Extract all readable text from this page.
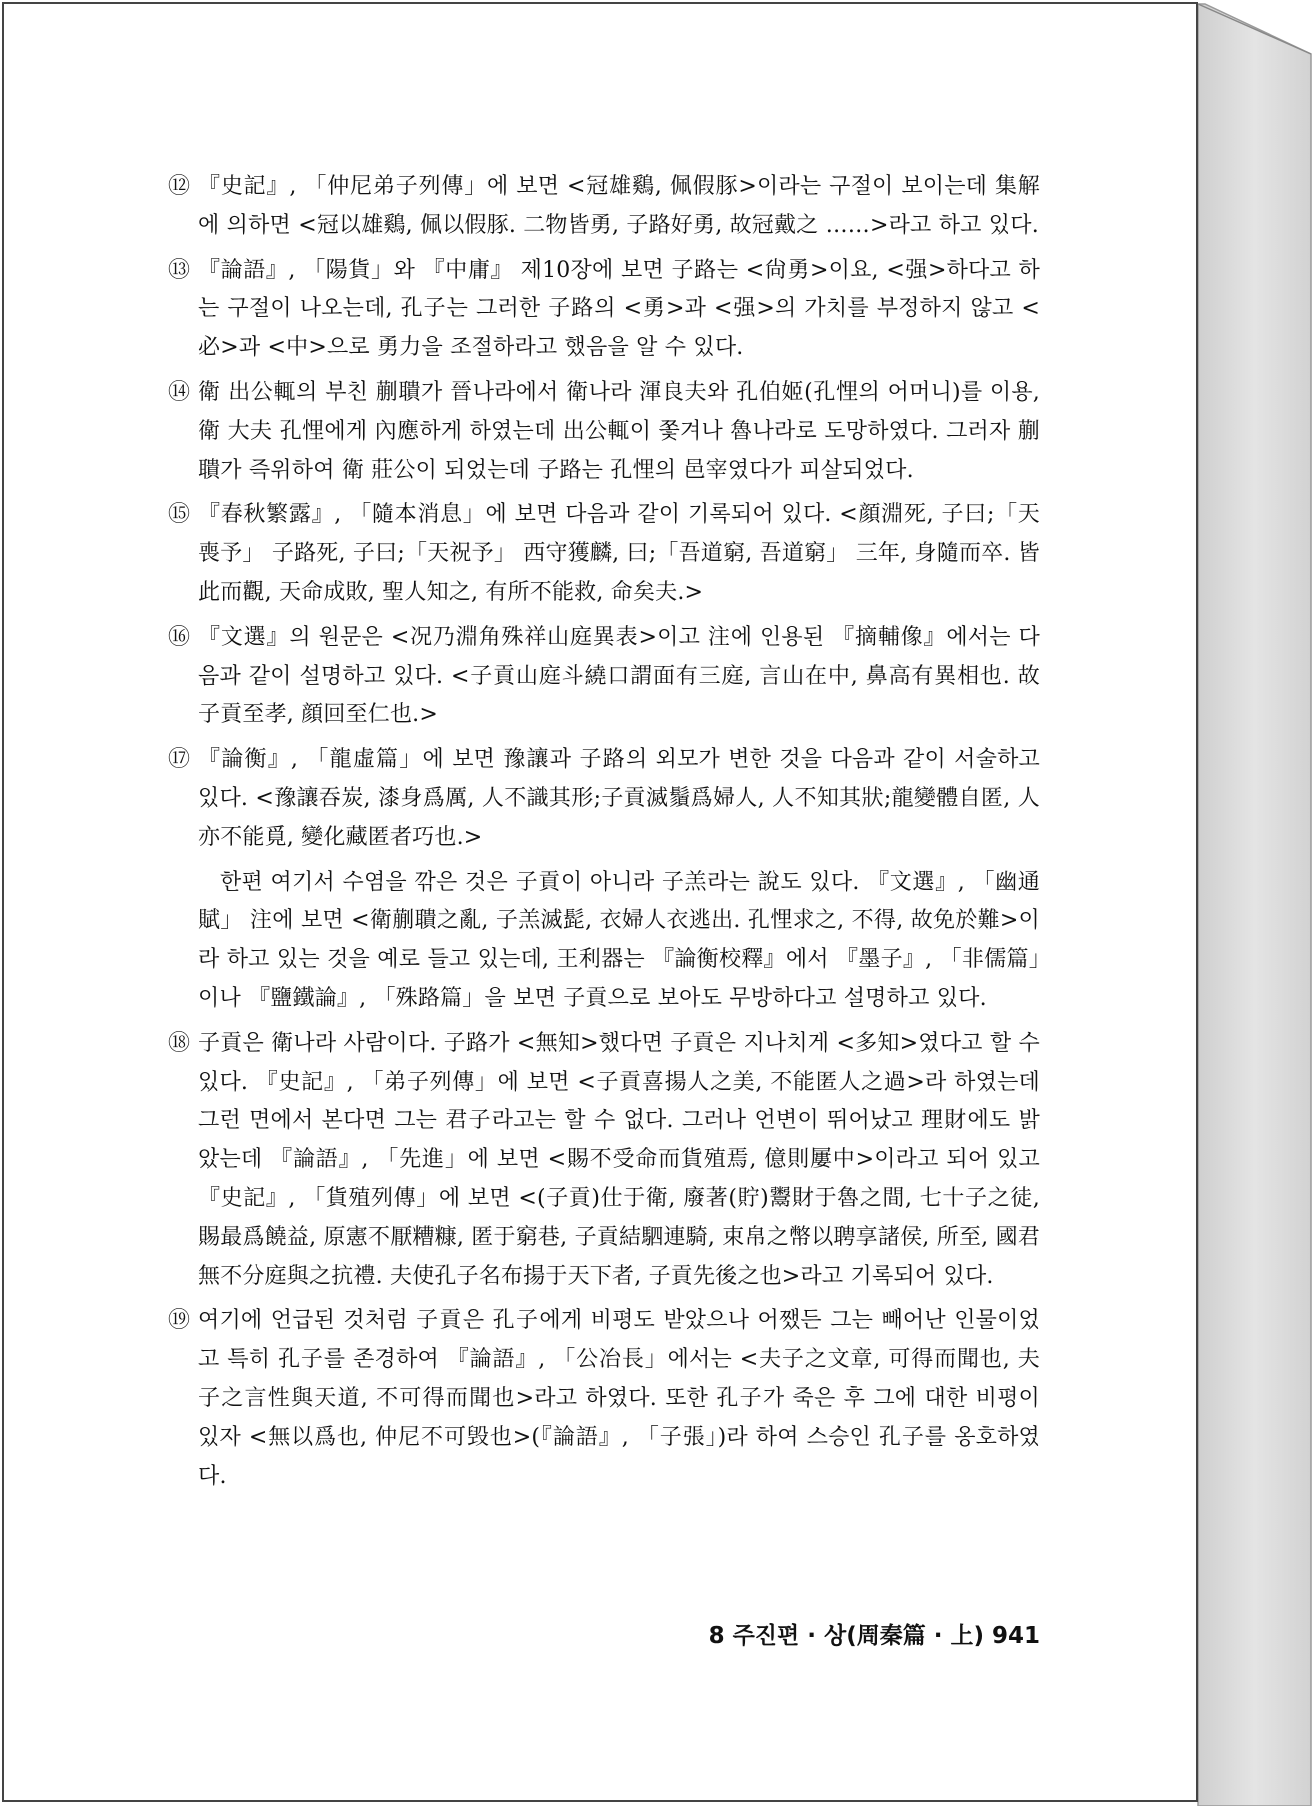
⑫ 『史記』, 「仲尼弟子列傳」에 보면 <冠雄鷄, 佩假豚>이라는 구절이 보이는데 集解에 의하면 <冠以雄鷄, 佩以假豚. 二物皆勇, 子路好勇, 故冠戴之 ……>라고 하고 있다.
⑬ 『論語』, 「陽貨」와 『中庸』 제10장에 보면 子路는 <尙勇>이요, <强>하다고 하는 구절이 나오는데, 孔子는 그러한 子路의 <勇>과 <强>의 가치를 부정하지 않고 <必>과 <中>으로 勇力을 조절하라고 했음을 알 수 있다.
⑭ 衛 出公輒의 부친 蒯聵가 晉나라에서 衛나라 渾良夫와 孔伯姬(孔悝의 어머니)를 이용, 衛 大夫 孔悝에게 內應하게 하였는데 出公輒이 쫓겨나 魯나라로 도망하였다. 그러자 蒯聵가 즉위하여 衛 莊公이 되었는데 子路는 孔悝의 邑宰였다가 피살되었다.
⑮ 『春秋繁露』, 「隨本消息」에 보면 다음과 같이 기록되어 있다. <顔淵死, 子曰;「天喪予」 子路死, 子曰;「天祝予」 西守獲麟, 曰;「吾道窮, 吾道窮」 三年, 身隨而卒. 皆此而觀, 天命成敗, 聖人知之, 有所不能救, 命矣夫.>
⑯ 『文選』의 원문은 <况乃淵角殊祥山庭異表>이고 注에 인용된 『摘輔像』에서는 다음과 같이 설명하고 있다. <子貢山庭斗繞口謂面有三庭, 言山在中, 鼻高有異相也. 故子貢至孝, 顔回至仁也.>
⑰ 『論衡』, 「龍虛篇」에 보면 豫讓과 子路의 외모가 변한 것을 다음과 같이 서술하고 있다. <豫讓吞炭, 漆身爲厲, 人不識其形;子貢滅鬚爲婦人, 人不知其狀;龍變體自匿, 人亦不能覓, 變化藏匿者巧也.>
한편 여기서 수염을 깎은 것은 子貢이 아니라 子羔라는 說도 있다. 『文選』, 「幽通賦」 注에 보면 <衛蒯聵之亂, 子羔滅髭, 衣婦人衣逃出. 孔悝求之, 不得, 故免於難>이라 하고 있는 것을 예로 들고 있는데, 王利器는 『論衡校釋』에서 『墨子』, 「非儒篇」이나 『鹽鐵論』, 「殊路篇」을 보면 子貢으로 보아도 무방하다고 설명하고 있다.
⑱ 子貢은 衛나라 사람이다. 子路가 <無知>했다면 子貢은 지나치게 <多知>였다고 할 수 있다. 『史記』, 「弟子列傳」에 보면 <子貢喜揚人之美, 不能匿人之過>라 하였는데 그런 면에서 본다면 그는 君子라고는 할 수 없다. 그러나 언변이 뛰어났고 理財에도 밝았는데 『論語』, 「先進」에 보면 <賜不受命而貨殖焉, 億則屢中>이라고 되어 있고 『史記』, 「貨殖列傳」에 보면 <(子貢)仕于衛, 廢著(貯)鬻財于魯之間, 七十子之徒, 賜最爲饒益, 原憲不厭糟糠, 匿于窮巷, 子貢結駟連騎, 束帛之幣以聘享諸侯, 所至, 國君無不分庭與之抗禮. 夫使孔子名布揚于天下者, 子貢先後之也>라고 기록되어 있다.
⑲ 여기에 언급된 것처럼 子貢은 孔子에게 비평도 받았으나 어쨌든 그는 빼어난 인물이었고 특히 孔子를 존경하여 『論語』, 「公冶長」에서는 <夫子之文章, 可得而聞也, 夫子之言性與天道, 不可得而聞也>라고 하였다. 또한 孔子가 죽은 후 그에 대한 비평이 있자 <無以爲也, 仲尼不可毁也>(『論語』, 「子張」)라 하여 스승인 孔子를 옹호하였다.
8 주진편 · 상(周秦篇 · 上) 941
